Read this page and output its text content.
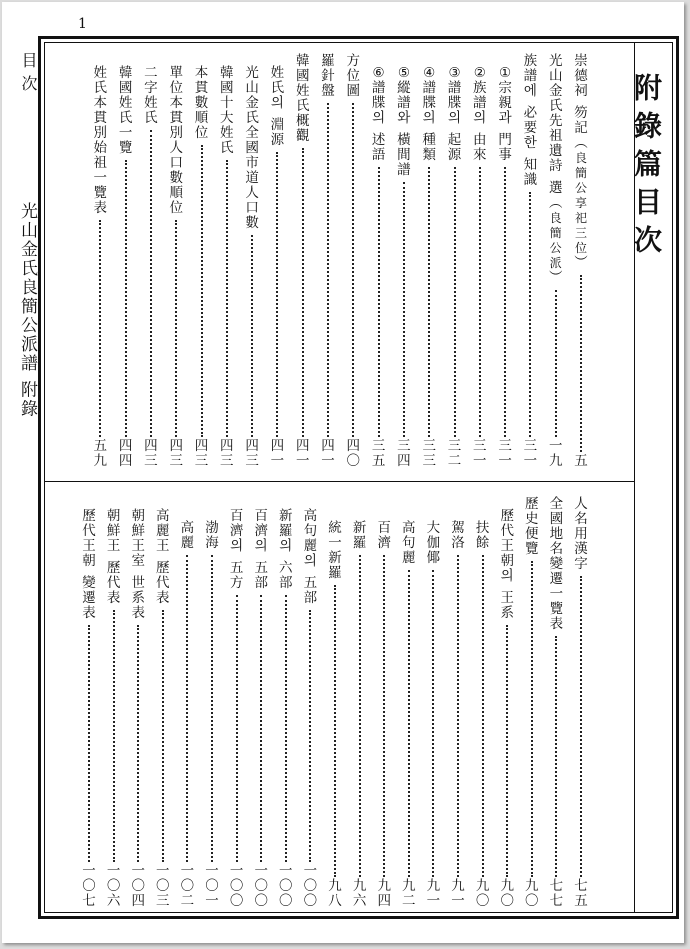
1
目 次
光山金氏良簡公派譜 附錄
附錄篇目次
崇
德
祠
笏
記
︵
良
簡
公
享
祀
三
位
︶
五
光
山
金
氏
先
祖
遺
詩
選
︵
良
簡
公
派
︶
一
九
族
譜
에
必
要
한
知
識
三
一
①
宗
親
과
門
事
三
一
②
族
譜
의
由
來
三
一
③
譜
牒
의
起
源
三
二
④
譜
牒
의
種
類
三
三
⑤
縱
譜
와
橫
間
譜
三
四
⑥
譜
牒
의
述
語
三
五
方
位
圖
四
〇
羅
針
盤
四
一
韓
國
姓
氏
概
觀
四
一
姓
氏
의
淵
源
四
一
光
山
金
氏
全
國
市
道
人
口
數
四
三
韓
國
十
大
姓
氏
四
三
本
貫
數
順
位
四
三
單
位
本
貫
別
人
口
數
順
位
四
三
二
字
姓
氏
四
三
韓
國
姓
氏
一
覽
四
四
姓
氏
本
貫
別
始
祖
一
覽
表
五
九
人
名
用
漢
字
七
五
全
國
地
名
變
遷
一
覽
表
七
七
歷
史
便
覽
九
〇
歷
代
王
朝
의
王
系
九
〇
扶
餘
九
〇
駕
洛
九
一
大
伽
倻
九
一
高
句
麗
九
二
百
濟
九
四
新
羅
九
六
統
一
新
羅
九
八
高
句
麗
의
五
部
一
〇
〇
新
羅
의
六
部
一
〇
〇
百
濟
의
五
部
一
〇
〇
百
濟
의
五
方
一
〇
〇
渤
海
一
〇
一
高
麗
一
〇
二
高
麗
王
歷
代
表
一
〇
三
朝
鮮
王
室
世
系
表
一
〇
四
朝
鮮
王
歷
代
表
一
〇
六
歷
代
王
朝
變
遷
表
一
〇
七
